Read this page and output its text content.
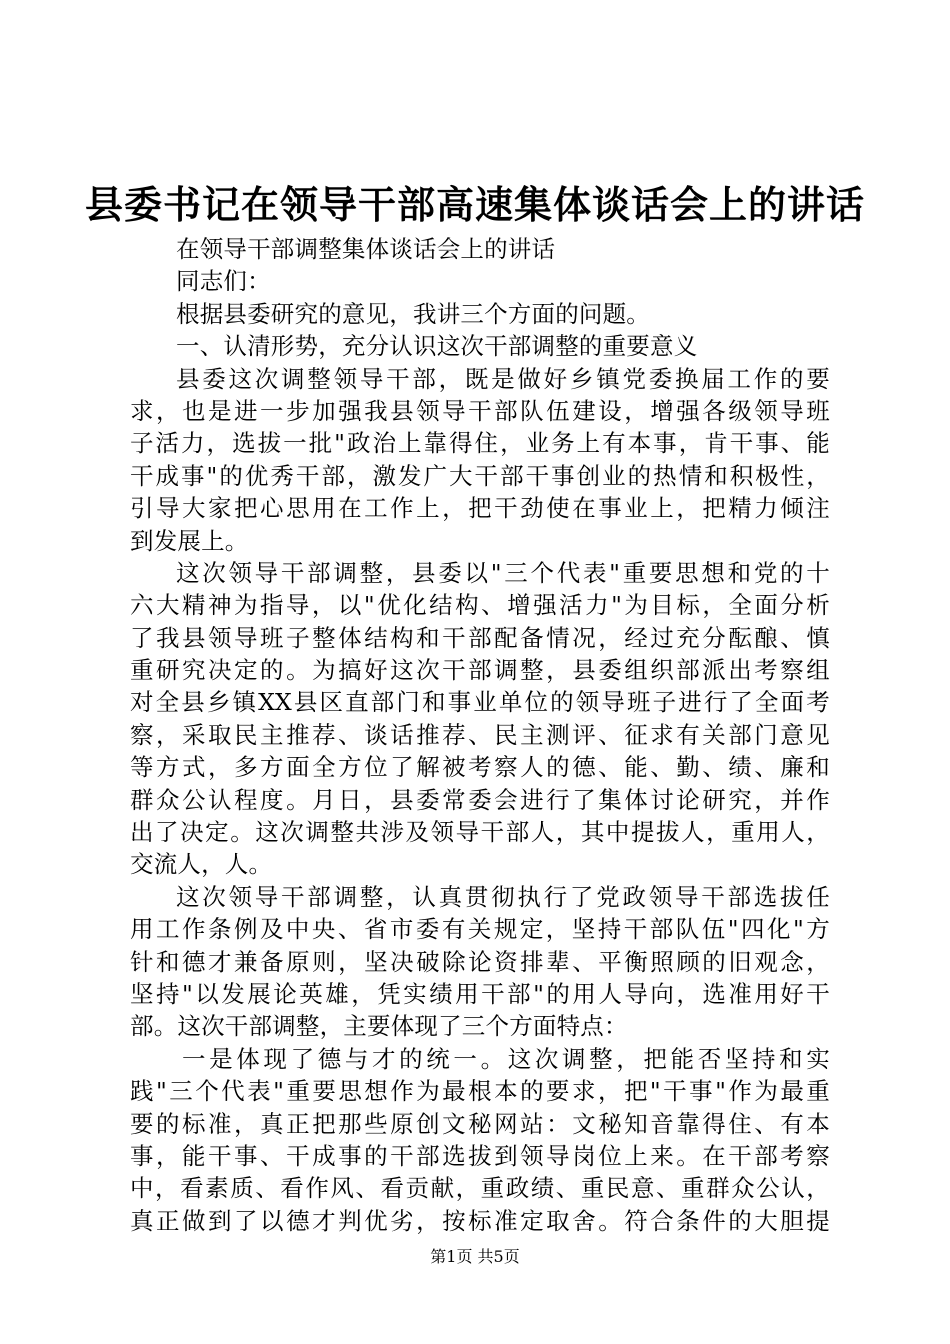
县委书记在领导干部高速集体谈话会上的讲话
在领导干部调整集体谈话会上的讲话
同志们：
根据县委研究的意见，我讲三个方面的问题。
一、认清形势，充分认识这次干部调整的重要意义
县委这次调整领导干部，既是做好乡镇党委换届工作的要
求，也是进一步加强我县领导干部队伍建设，增强各级领导班
子活力，选拔一批"政治上靠得住，业务上有本事，肯干事、能
干成事"的优秀干部，激发广大干部干事创业的热情和积极性，
引导大家把心思用在工作上，把干劲使在事业上，把精力倾注
到发展上。
这次领导干部调整，县委以"三个代表"重要思想和党的十
六大精神为指导，以"优化结构、增强活力"为目标，全面分析
了我县领导班子整体结构和干部配备情况，经过充分酝酿、慎
重研究决定的。为搞好这次干部调整，县委组织部派出考察组
对全县乡镇XX县区直部门和事业单位的领导班子进行了全面考
察，采取民主推荐、谈话推荐、民主测评、征求有关部门意见
等方式，多方面全方位了解被考察人的德、能、勤、绩、廉和
群众公认程度。月日，县委常委会进行了集体讨论研究，并作
出了决定。这次调整共涉及领导干部人，其中提拔人，重用人，
交流人，人。
这次领导干部调整，认真贯彻执行了党政领导干部选拔任
用工作条例及中央、省市委有关规定，坚持干部队伍"四化"方
针和德才兼备原则，坚决破除论资排辈、平衡照顾的旧观念，
坚持"以发展论英雄，凭实绩用干部"的用人导向，选准用好干
部。这次干部调整，主要体现了三个方面特点：
一是体现了德与才的统一。这次调整，把能否坚持和实
践"三个代表"重要思想作为最根本的要求，把"干事"作为最重
要的标准，真正把那些原创文秘网站：文秘知音靠得住、有本
事，能干事、干成事的干部选拔到领导岗位上来。在干部考察
中，看素质、看作风、看贡献，重政绩、重民意、重群众公认，
真正做到了以德才判优劣，按标准定取舍。符合条件的大胆提
第1页 共5页
